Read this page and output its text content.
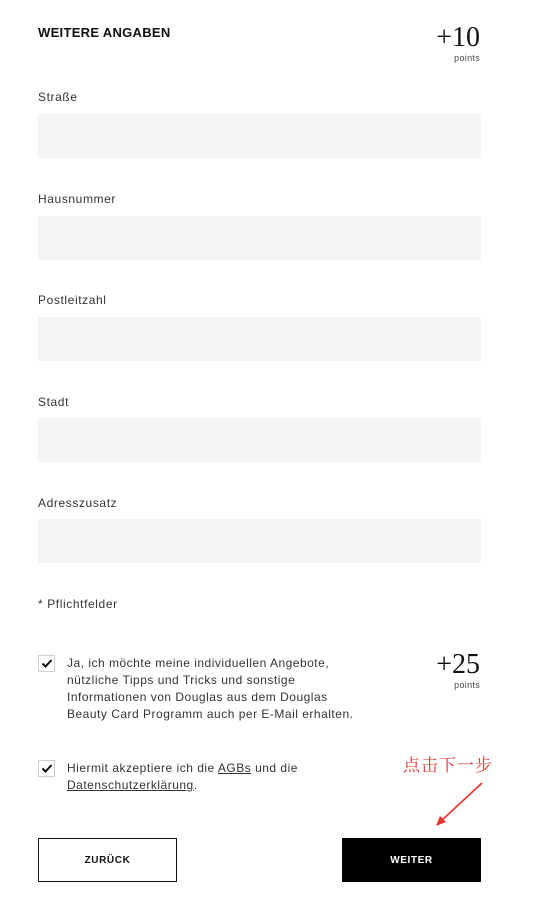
WEITERE ANGABEN	+10
points
Straße
Hausnummer
Postleitzahl
Stadt
Adresszusatz
* Pflichtfelder
Ja, ich möchte meine individuellen Angebote,
nützliche Tipps und Tricks und sonstige
Informationen von Douglas aus dem Douglas
Beauty Card Programm auch per E-Mail erhalten.
+25
points
Hiermit akzeptiere ich die AGBs und die
Datenschutzerklärung.
点击下一步
ZURÜCK	WEITER
